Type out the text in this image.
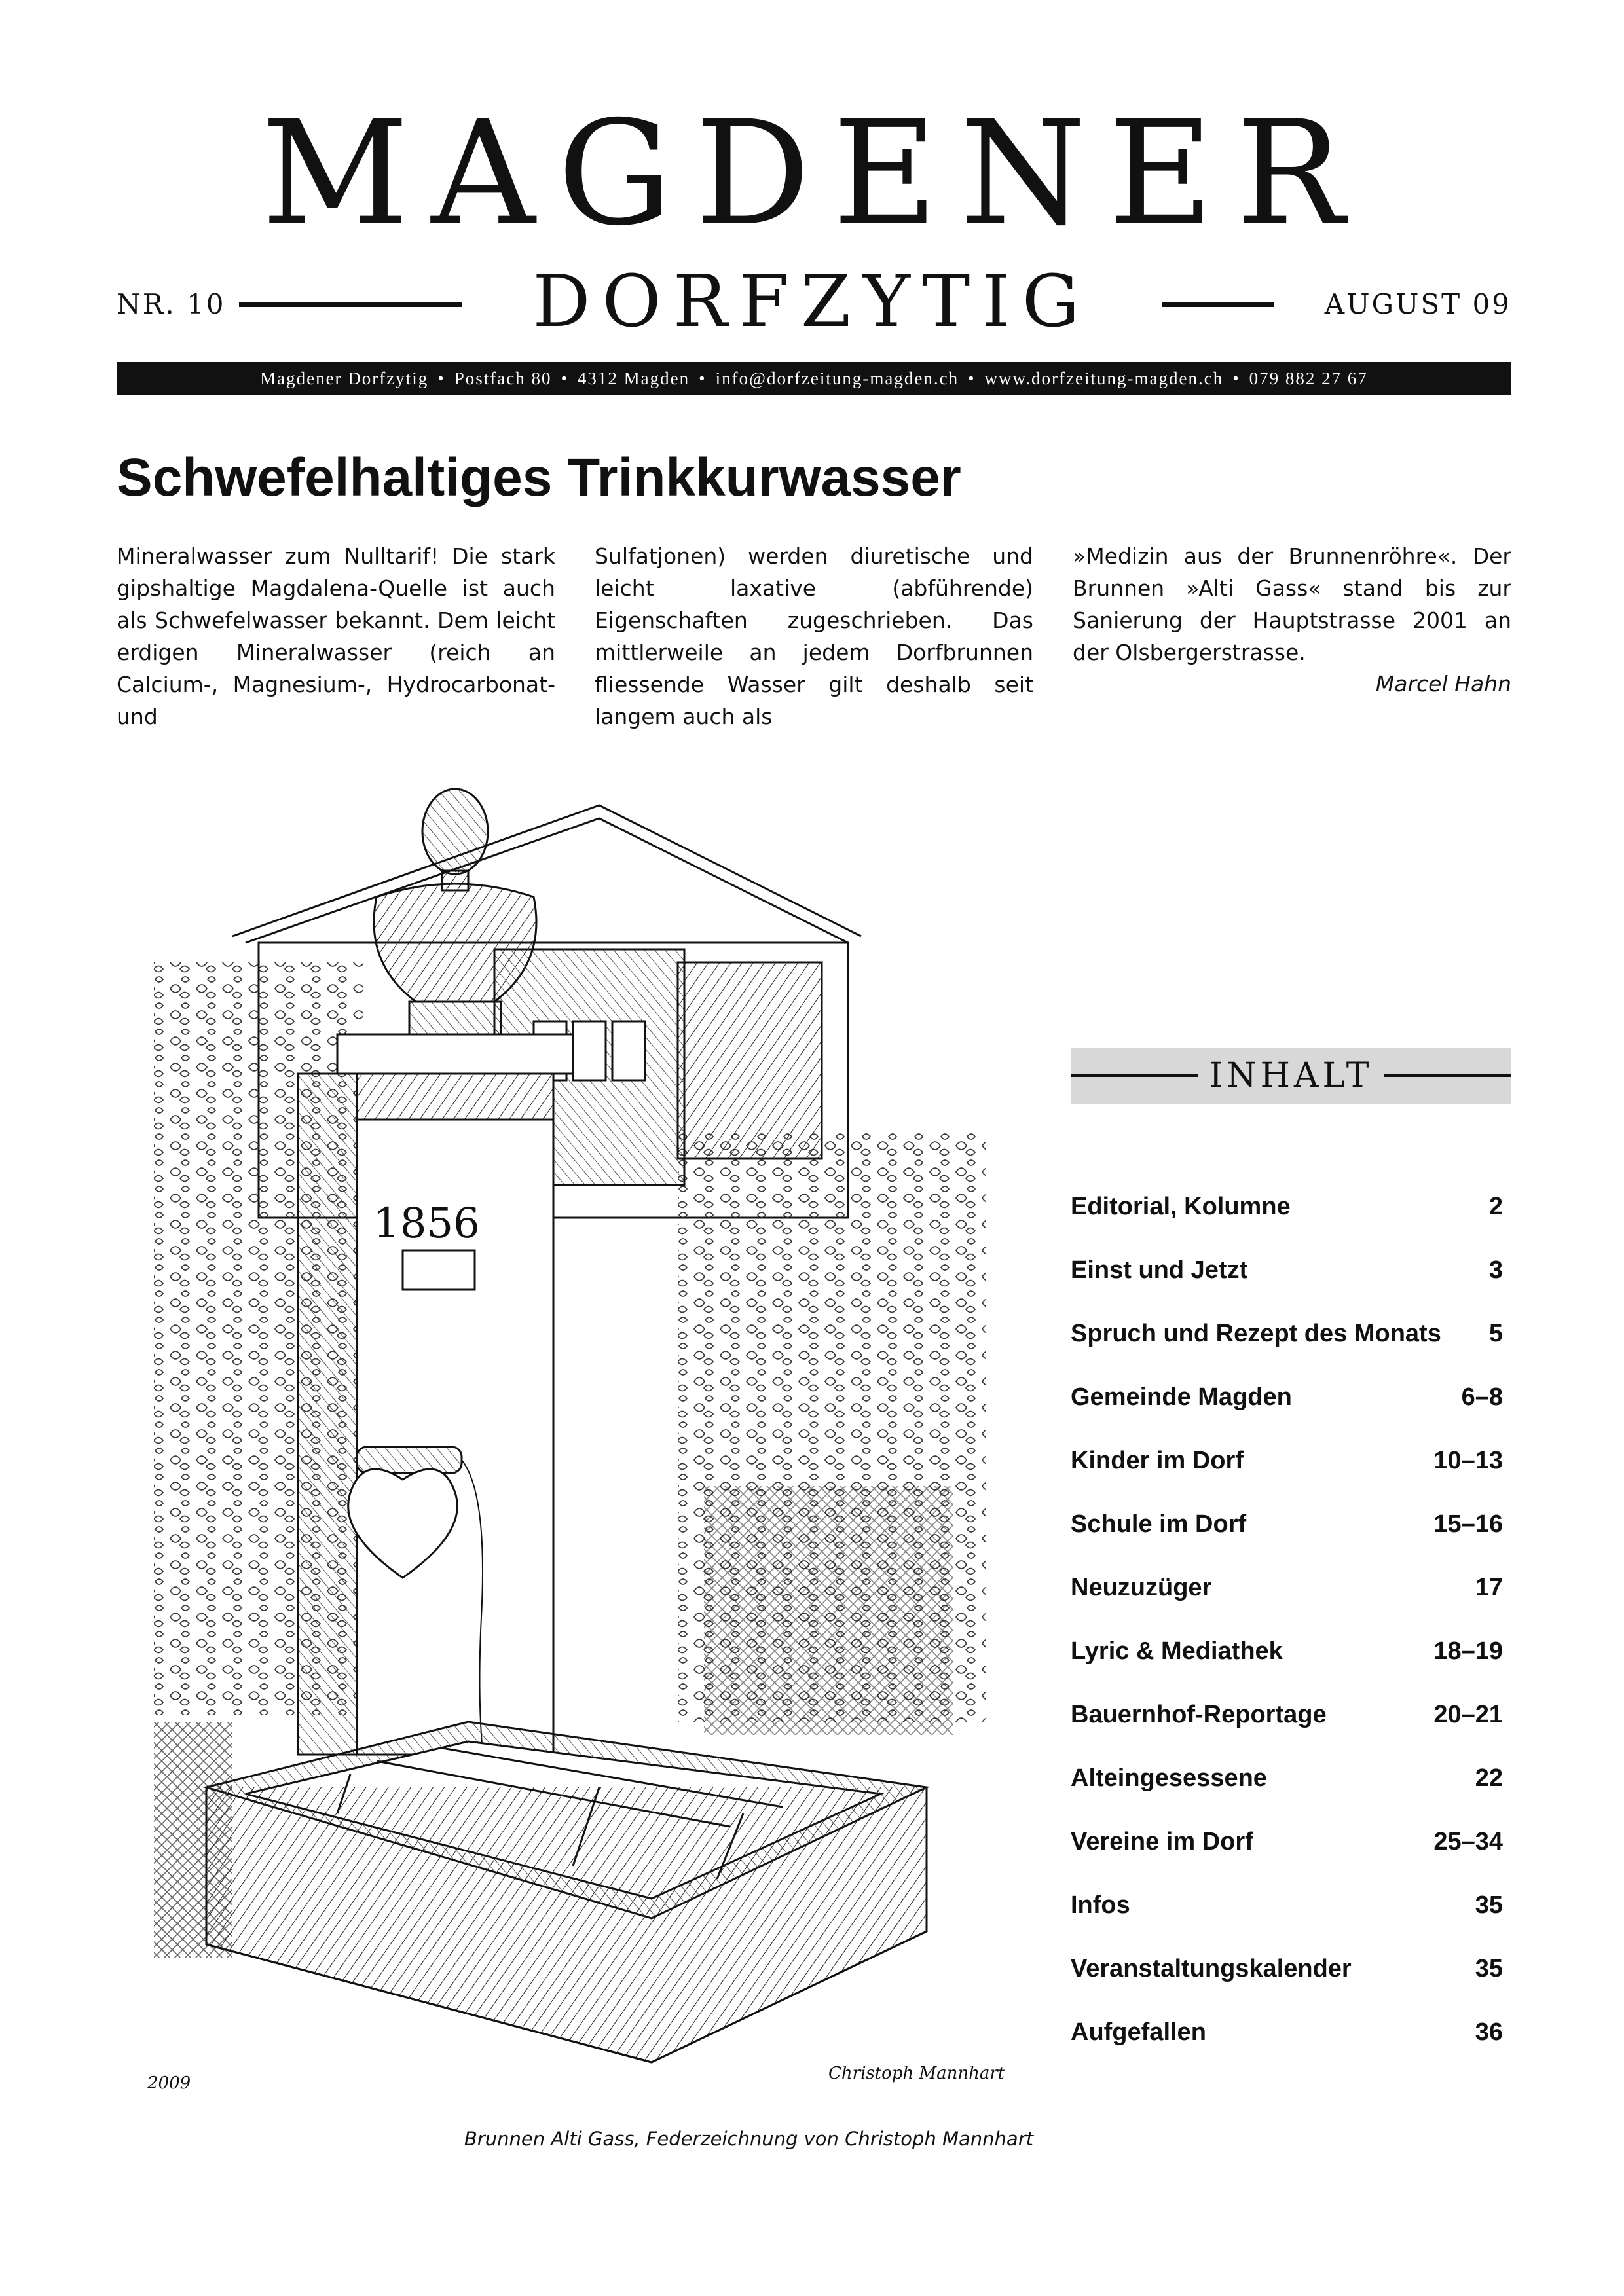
MAGDENER
NR. 10	DORFZYTIG	AUGUST 09
Magdener Dorfzytig • Postfach 80 • 4312 Magden • info@dorfzeitung-magden.ch • www.dorfzeitung-magden.ch • 079 882 27 67
Schwefelhaltiges Trinkkurwasser
Mineralwasser zum Nulltarif! Die stark gipshaltige Magdalena-Quelle ist auch als Schwefelwasser bekannt. Dem leicht erdigen Mineralwasser (reich an Calcium-, Magnesium-, Hydrocarbonat- und
Sulfatjonen) werden diuretische und leicht laxative (abführende) Eigenschaften zugeschrieben. Das mittlerweile an jedem Dorfbrunnen fliessende Wasser gilt deshalb seit langem auch als
»Medizin aus der Brunnenröhre«. Der Brunnen »Alti Gass« stand bis zur Sanierung der Hauptstrasse 2001 an der Olsbergerstrasse.
Marcel Hahn
1856
2009	Christoph Mannhart
Brunnen Alti Gass, Federzeichnung von Christoph Mannhart
INHALT
Editorial, Kolumne	2
Einst und Jetzt	3
Spruch und Rezept des Monats 5
Gemeinde Magden	6–8
Kinder im Dorf	10–13
Schule im Dorf	15–16
Neuzuzüger	17
Lyric & Mediathek	18–19
Bauernhof-Reportage	20–21
Alteingesessene	22
Vereine im Dorf	25–34
Infos	35
Veranstaltungskalender	35
Aufgefallen	36
